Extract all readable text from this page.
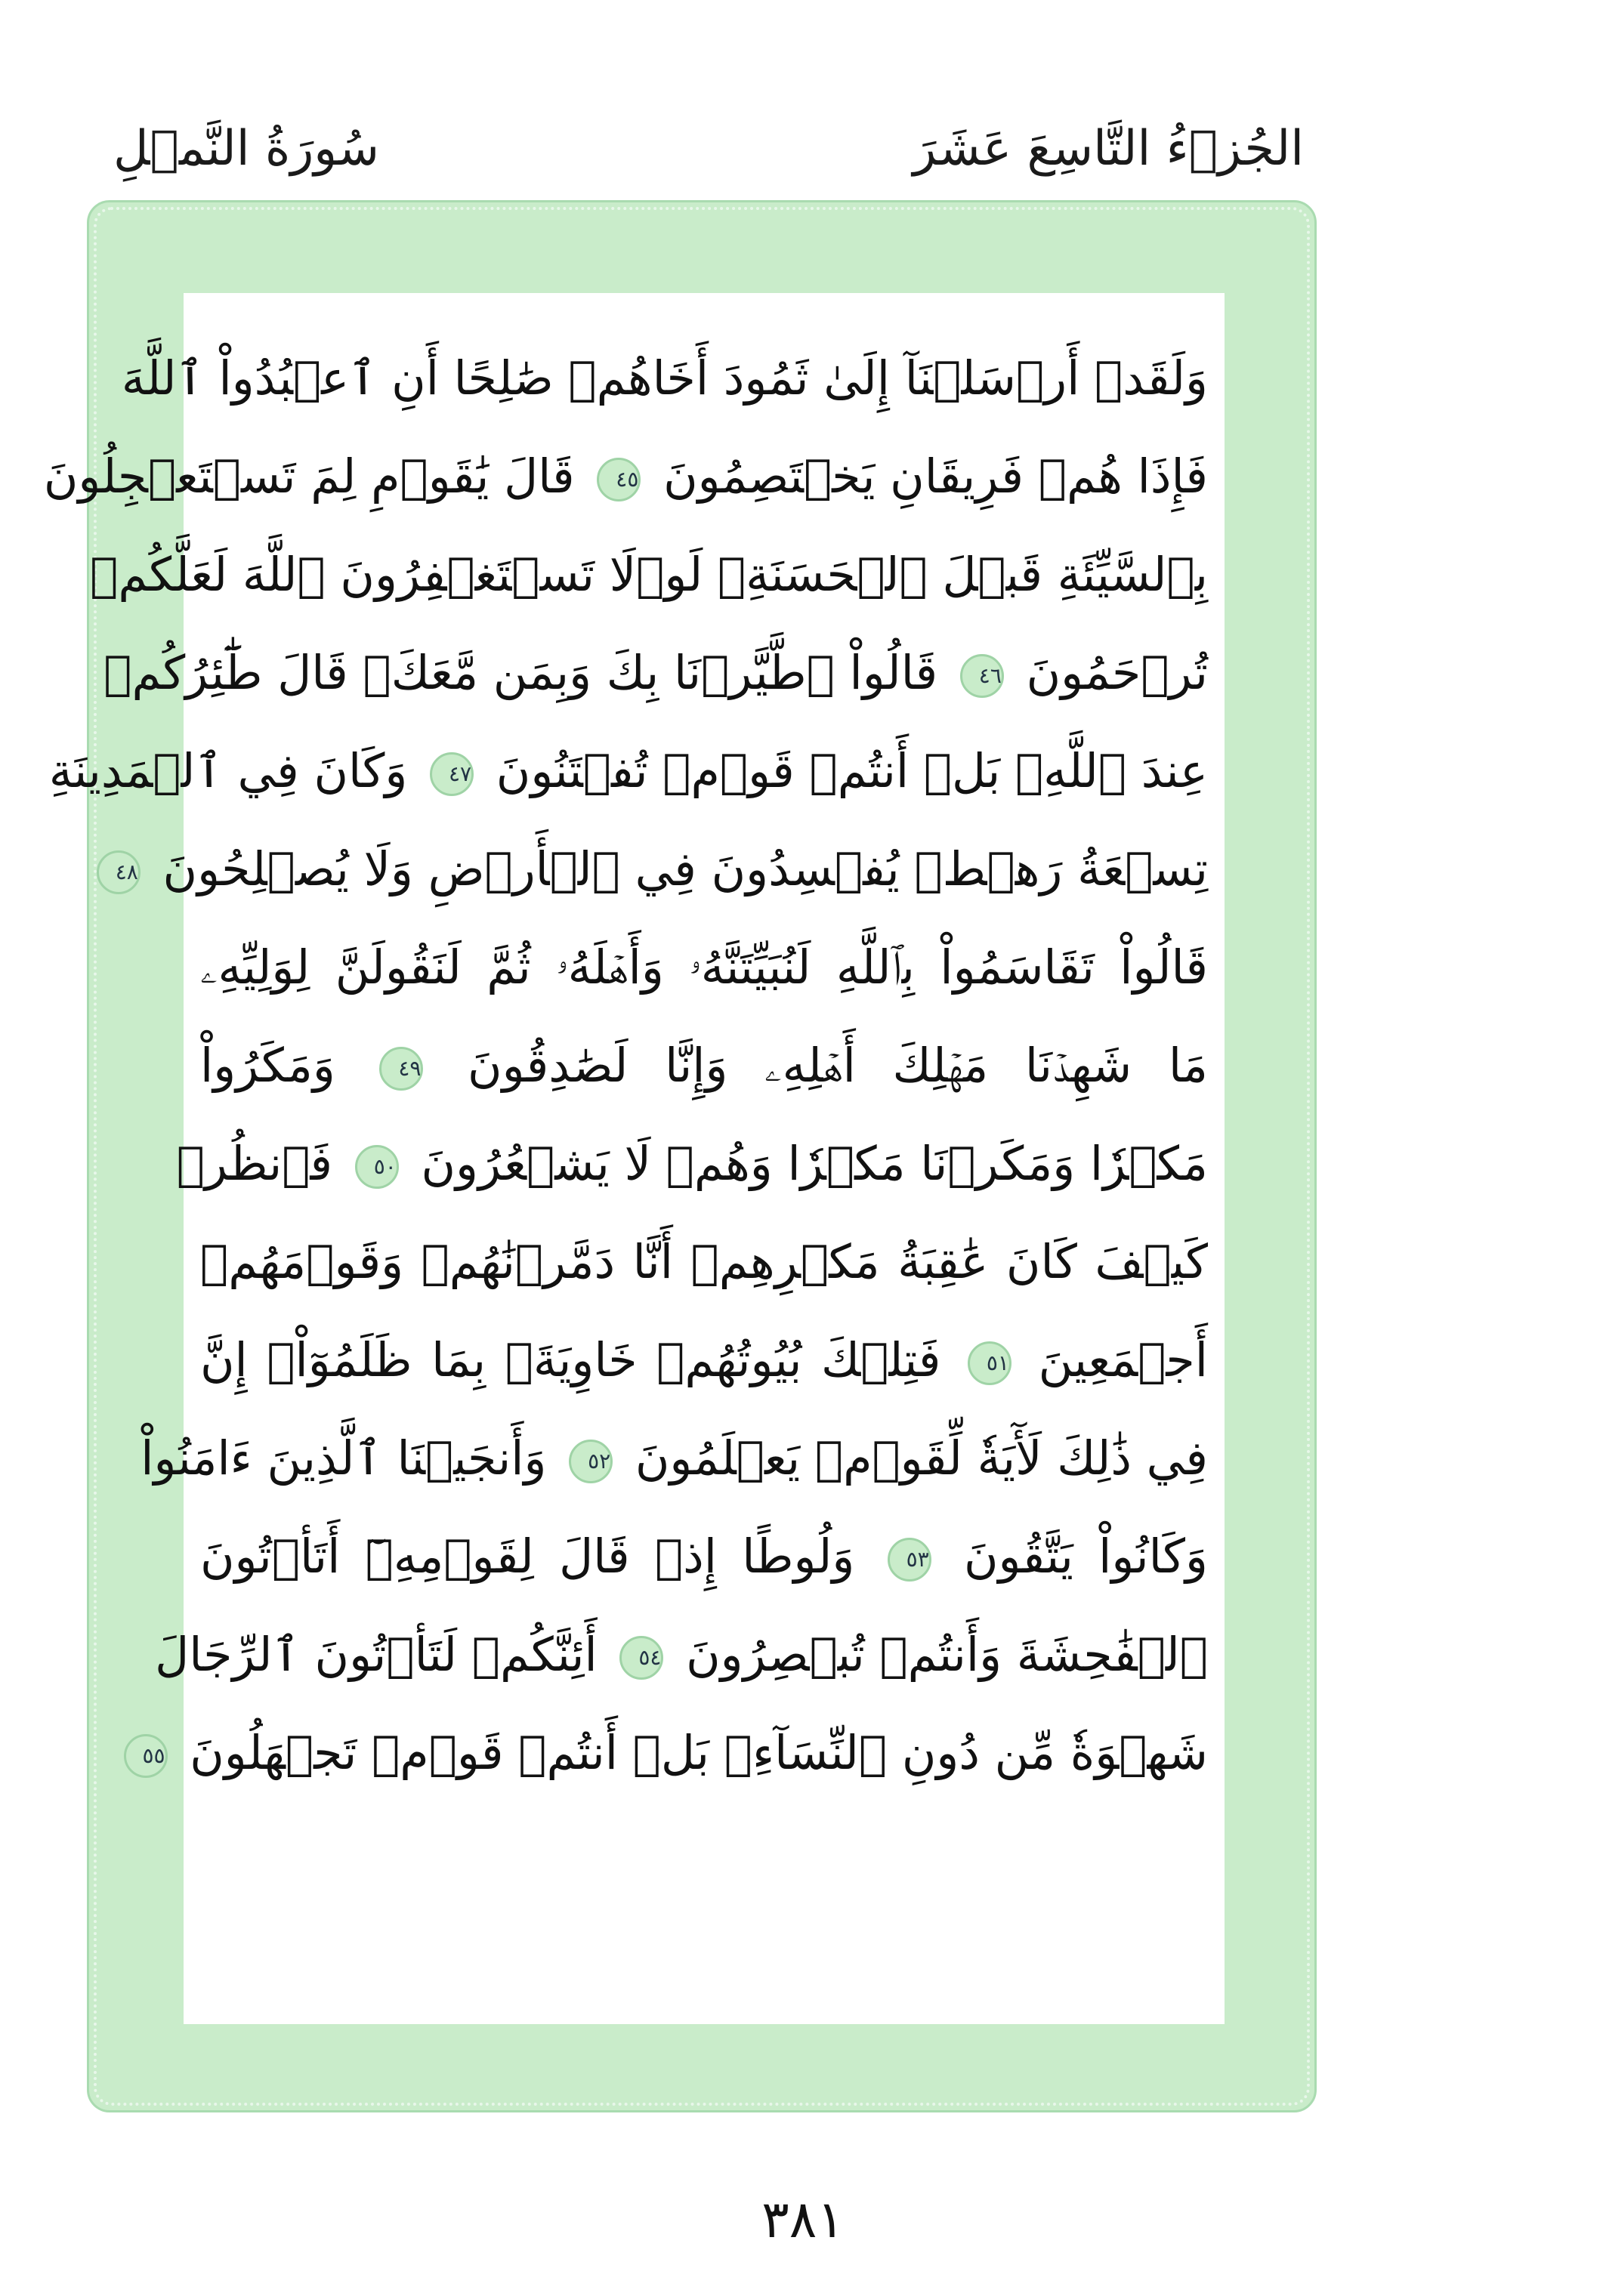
سُورَةُ النَّمۡلِ	الجُزۡءُ التَّاسِعَ عَشَرَ
وَلَقَدۡ أَرۡسَلۡنَآ إِلَىٰ ثَمُودَ أَخَاهُمۡ صَٰلِحًا أَنِ ٱعۡبُدُواْ ٱللَّهَ
فَإِذَا هُمۡ فَرِيقَانِ يَخۡتَصِمُونَ ٤٥ قَالَ يَٰقَوۡمِ لِمَ تَسۡتَعۡجِلُونَ
بِٱلسَّيِّئَةِ قَبۡلَ ٱلۡحَسَنَةِۖ لَوۡلَا تَسۡتَغۡفِرُونَ ٱللَّهَ لَعَلَّكُمۡ
تُرۡحَمُونَ ٤٦ قَالُواْ ٱطَّيَّرۡنَا بِكَ وَبِمَن مَّعَكَۚ قَالَ طَٰٓئِرُكُمۡ
عِندَ ٱللَّهِۖ بَلۡ أَنتُمۡ قَوۡمٞ تُفۡتَنُونَ ٤٧ وَكَانَ فِي ٱلۡمَدِينَةِ
تِسۡعَةُ رَهۡطٖ يُفۡسِدُونَ فِي ٱلۡأَرۡضِ وَلَا يُصۡلِحُونَ ٤٨
قَالُواْ تَقَاسَمُواْ بِٱللَّهِ لَنُبَيِّتَنَّهُۥ وَأَهۡلَهُۥ ثُمَّ لَنَقُولَنَّ لِوَلِيِّهِۦ
مَا شَهِدۡنَا مَهۡلِكَ أَهۡلِهِۦ وَإِنَّا لَصَٰدِقُونَ ٤٩ وَمَكَرُواْ
مَكۡرٗا وَمَكَرۡنَا مَكۡرٗا وَهُمۡ لَا يَشۡعُرُونَ ٥٠ فَٱنظُرۡ
كَيۡفَ كَانَ عَٰقِبَةُ مَكۡرِهِمۡ أَنَّا دَمَّرۡنَٰهُمۡ وَقَوۡمَهُمۡ
أَجۡمَعِينَ ٥١ فَتِلۡكَ بُيُوتُهُمۡ خَاوِيَةَۢ بِمَا ظَلَمُوٓاْۚ إِنَّ
فِي ذَٰلِكَ لَأٓيَةٗ لِّقَوۡمٖ يَعۡلَمُونَ ٥٢ وَأَنجَيۡنَا ٱلَّذِينَ ءَامَنُواْ
وَكَانُواْ يَتَّقُونَ ٥٣ وَلُوطًا إِذۡ قَالَ لِقَوۡمِهِۦٓ أَتَأۡتُونَ
ٱلۡفَٰحِشَةَ وَأَنتُمۡ تُبۡصِرُونَ ٥٤ أَئِنَّكُمۡ لَتَأۡتُونَ ٱلرِّجَالَ
شَهۡوَةٗ مِّن دُونِ ٱلنِّسَآءِۚ بَلۡ أَنتُمۡ قَوۡمٞ تَجۡهَلُونَ ٥٥
٣٨١
